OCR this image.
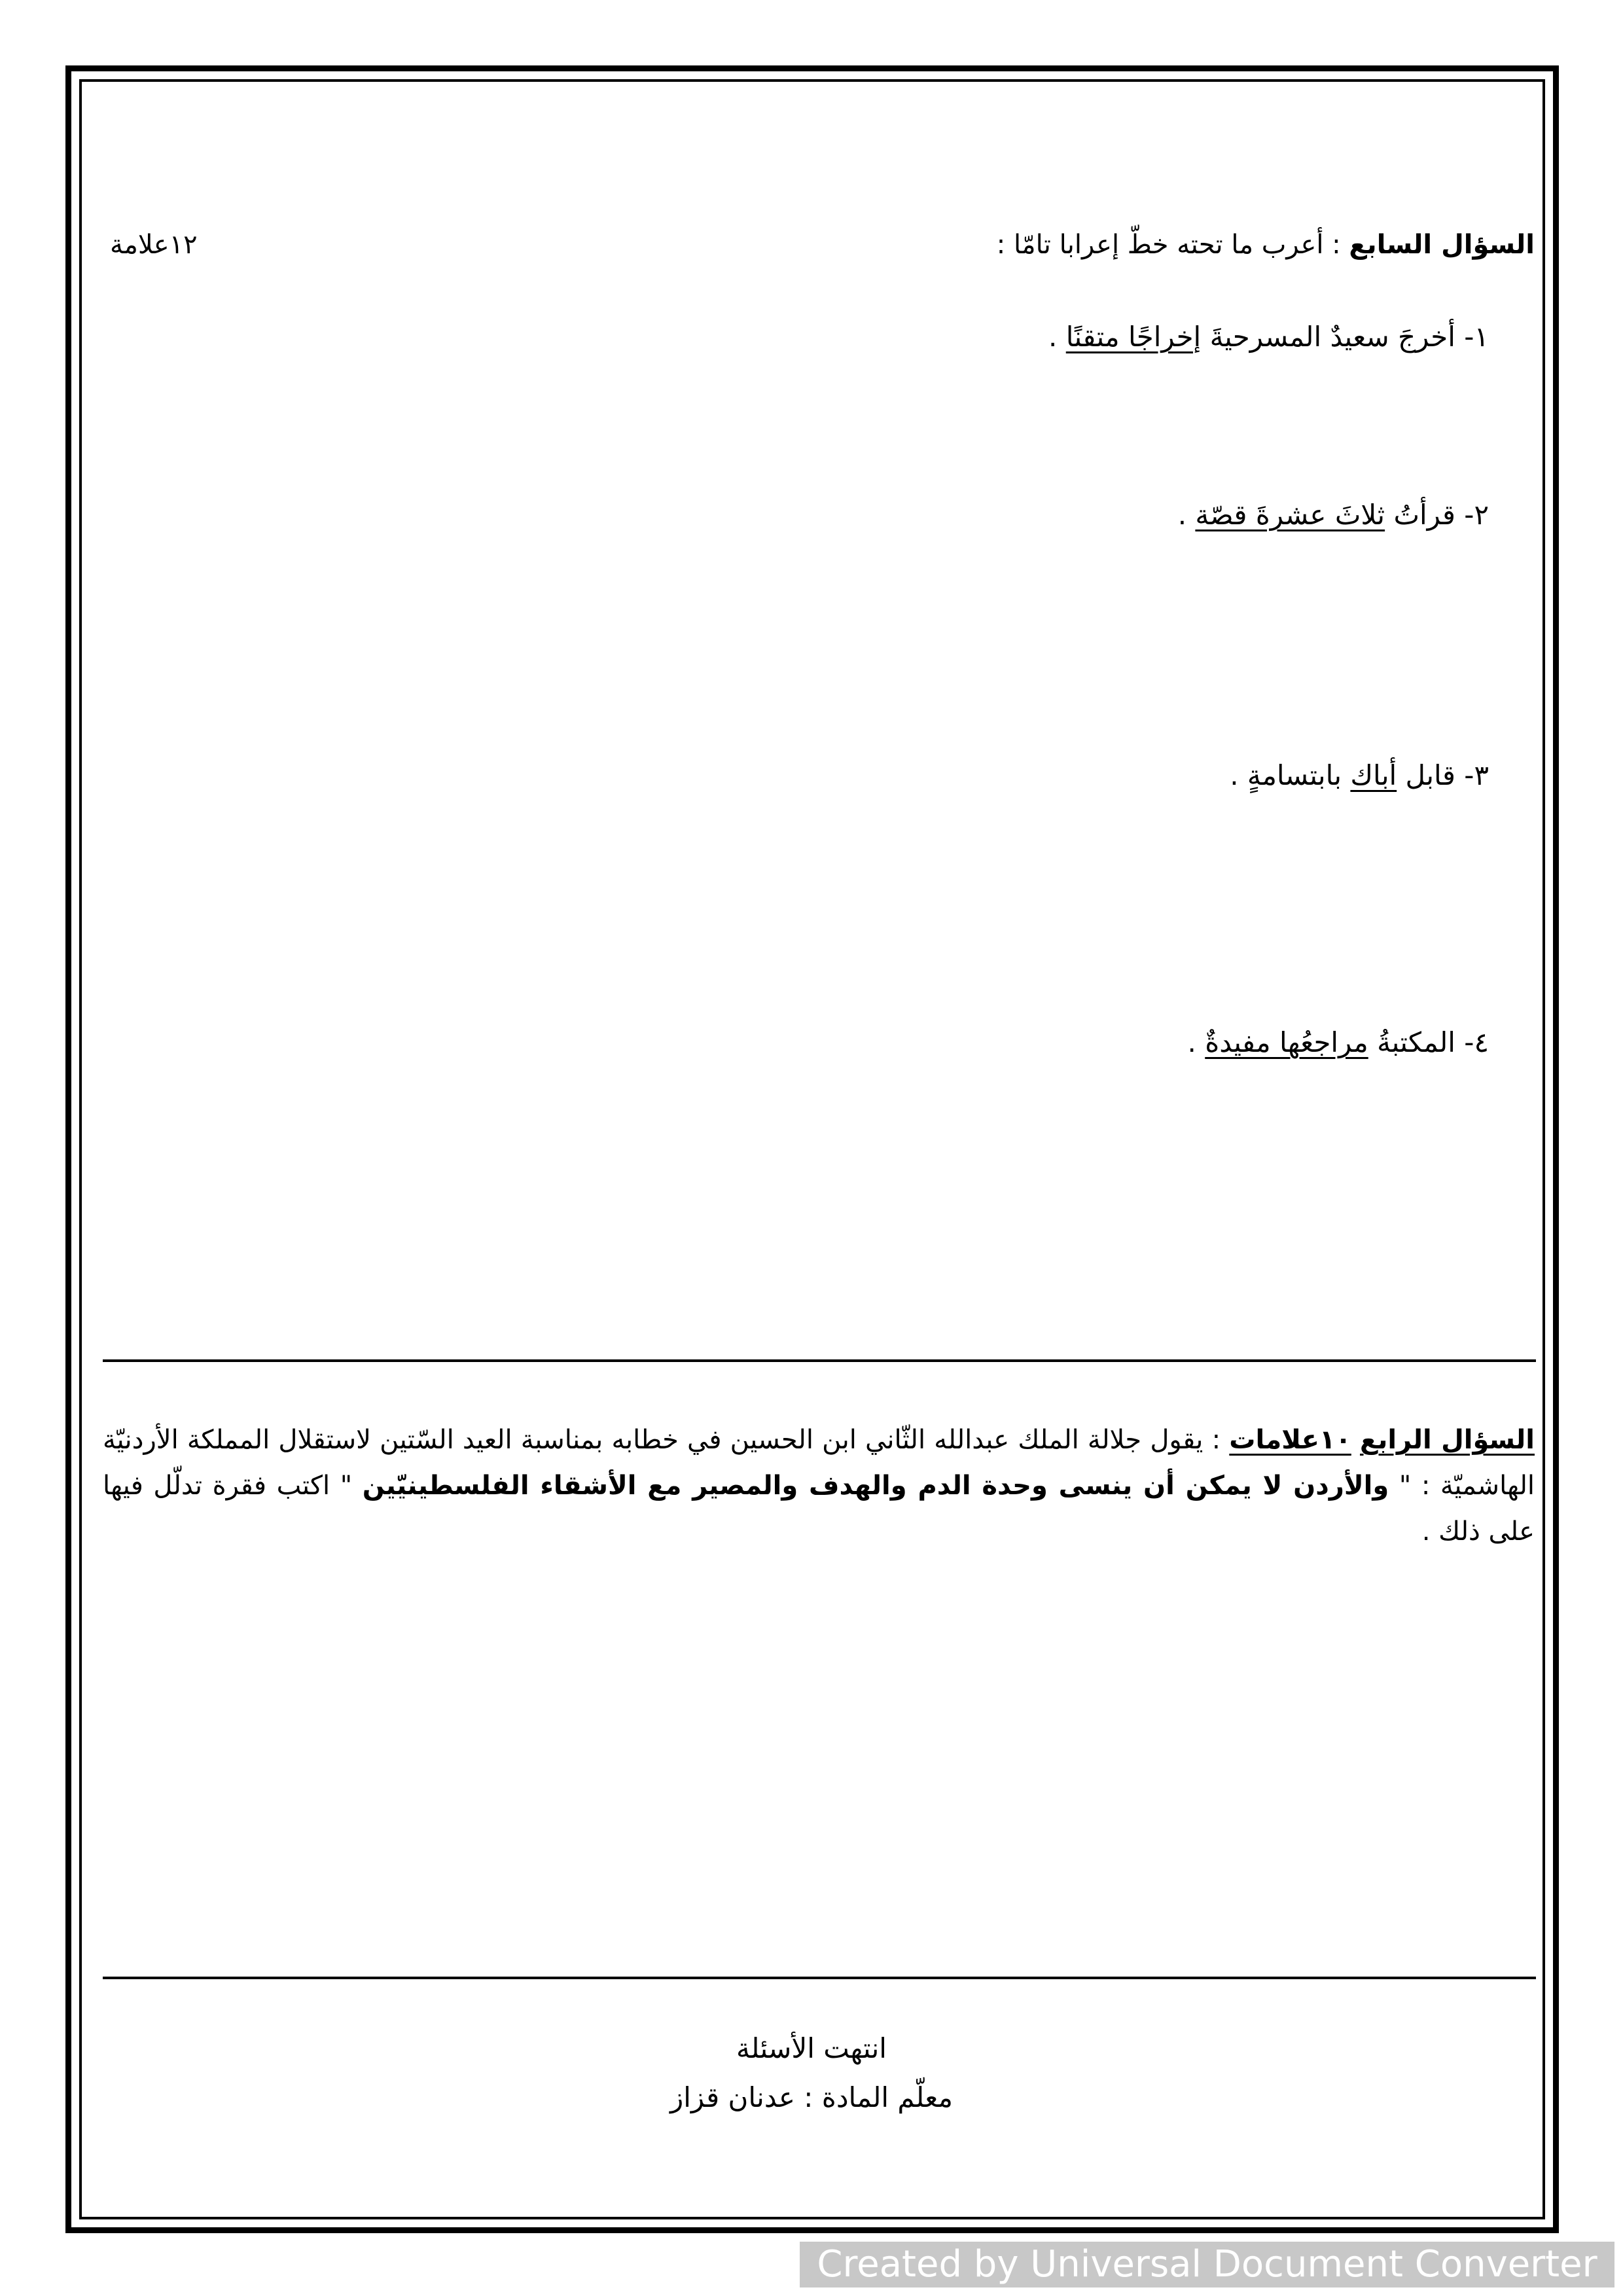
السؤال السابع : أعرب ما تحته خطّ إعرابا تامّا :
١٢علامة
١- أخرجَ سعيدٌ المسرحيةَ إخراجًا متقنًا .
٢- قرأتُ ثلاثَ عشرةَ قصّة .
٣- قابل أباك بابتسامةٍ .
٤- المكتبةُ مراجعُها مفيدةٌ .
السؤال الرابع ١٠علامات : يقول جلالة الملك عبدالله الثّاني ابن الحسين في خطابه بمناسبة العيد السّتين لاستقلال المملكة الأردنيّة الهاشميّة : " والأردن لا يمكن أن ينسى وحدة الدم والهدف والمصير مع الأشقاء الفلسطينيّين " اكتب فقرة تدلّل فيها على ذلك .
انتهت الأسئلة
معلّم المادة : عدنان قزاز
Created by Universal Document Converter
